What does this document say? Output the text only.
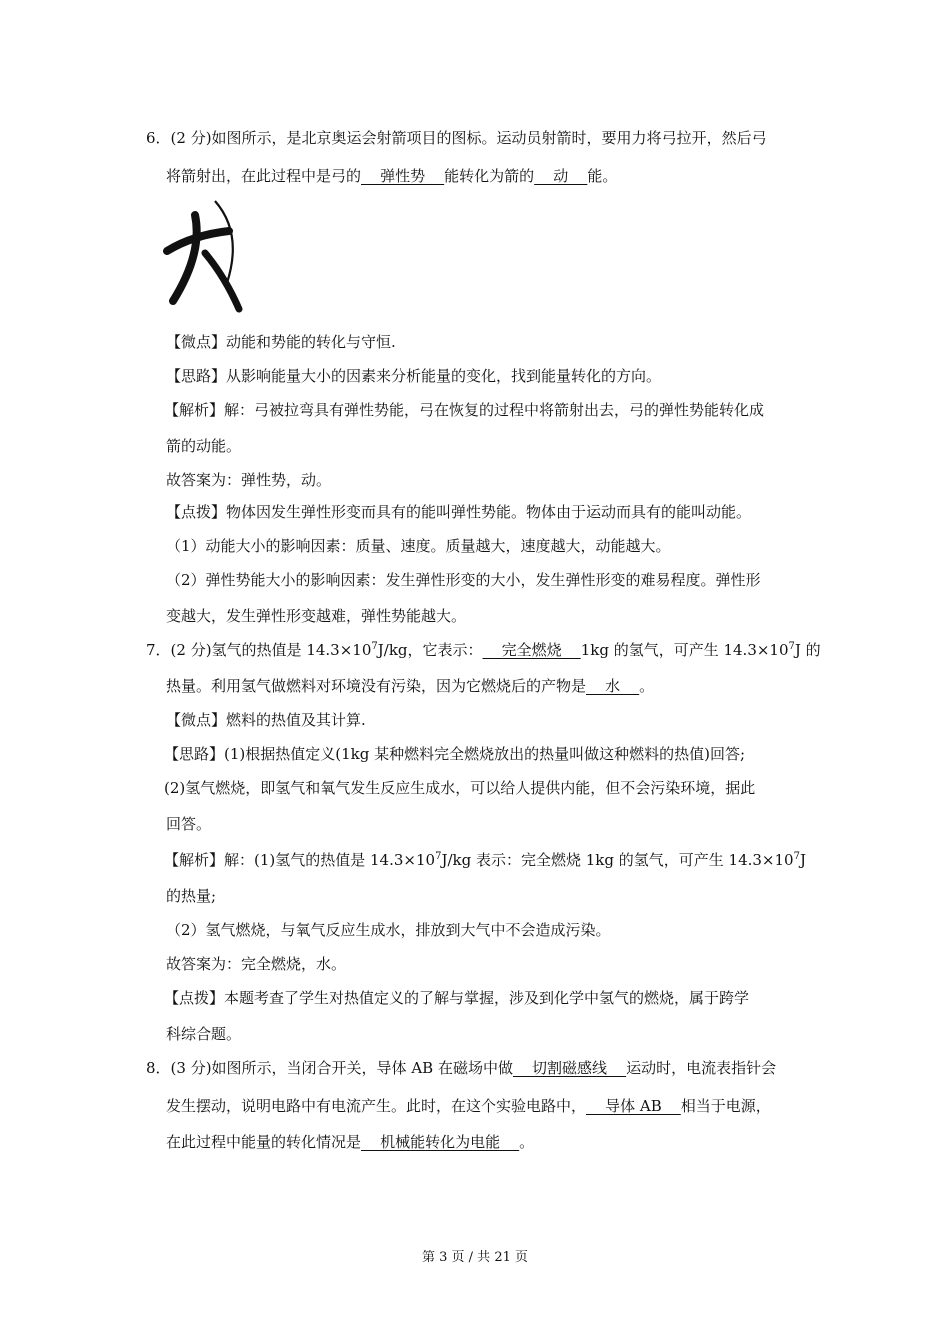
6．(2 分)如图所示，是北京奥运会射箭项目的图标。运动员射箭时，要用力将弓拉开，然后弓
将箭射出，在此过程中是弓的    弹性势    能转化为箭的    动    能。
【微点】动能和势能的转化与守恒.
【思路】从影响能量大小的因素来分析能量的变化，找到能量转化的方向。
【解析】解：弓被拉弯具有弹性势能，弓在恢复的过程中将箭射出去，弓的弹性势能转化成
箭的动能。
故答案为：弹性势，动。
【点拨】物体因发生弹性形变而具有的能叫弹性势能。物体由于运动而具有的能叫动能。
（1）动能大小的影响因素：质量、速度。质量越大，速度越大，动能越大。
（2）弹性势能大小的影响因素：发生弹性形变的大小，发生弹性形变的难易程度。弹性形
变越大，发生弹性形变越难，弹性势能越大。
7．(2 分)氢气的热值是 $14.3\times 10^7J/kg$，它表示：    完全燃烧    1kg 的氢气，可产生 $14.3\times 10^7J$ 的
热量。利用氢气做燃料对环境没有污染，因为它燃烧后的产物是    水    。
【微点】燃料的热值及其计算.
【思路】(1)根据热值定义(1kg 某种燃料完全燃烧放出的热量叫做这种燃料的热值)回答;
(2)氢气燃烧，即氢气和氧气发生反应生成水，可以给人提供内能，但不会污染环境，据此
回答。
【解析】解：(1)氢气的热值是 $14.3\times 10^7J/kg$ 表示：完全燃烧 1kg 的氢气，可产生 $14.3\times 10^7J$
的热量;
（2）氢气燃烧，与氧气反应生成水，排放到大气中不会造成污染。
故答案为：完全燃烧，水。
【点拨】本题考查了学生对热值定义的了解与掌握，涉及到化学中氢气的燃烧，属于跨学
科综合题。
8．(3 分)如图所示，当闭合开关，导体 AB 在磁场中做    切割磁感线    运动时，电流表指针会
发生摆动，说明电路中有电流产生。此时，在这个实验电路中，    导体 AB    相当于电源，
在此过程中能量的转化情况是    机械能转化为电能    。
第 3 页 / 共 21 页
